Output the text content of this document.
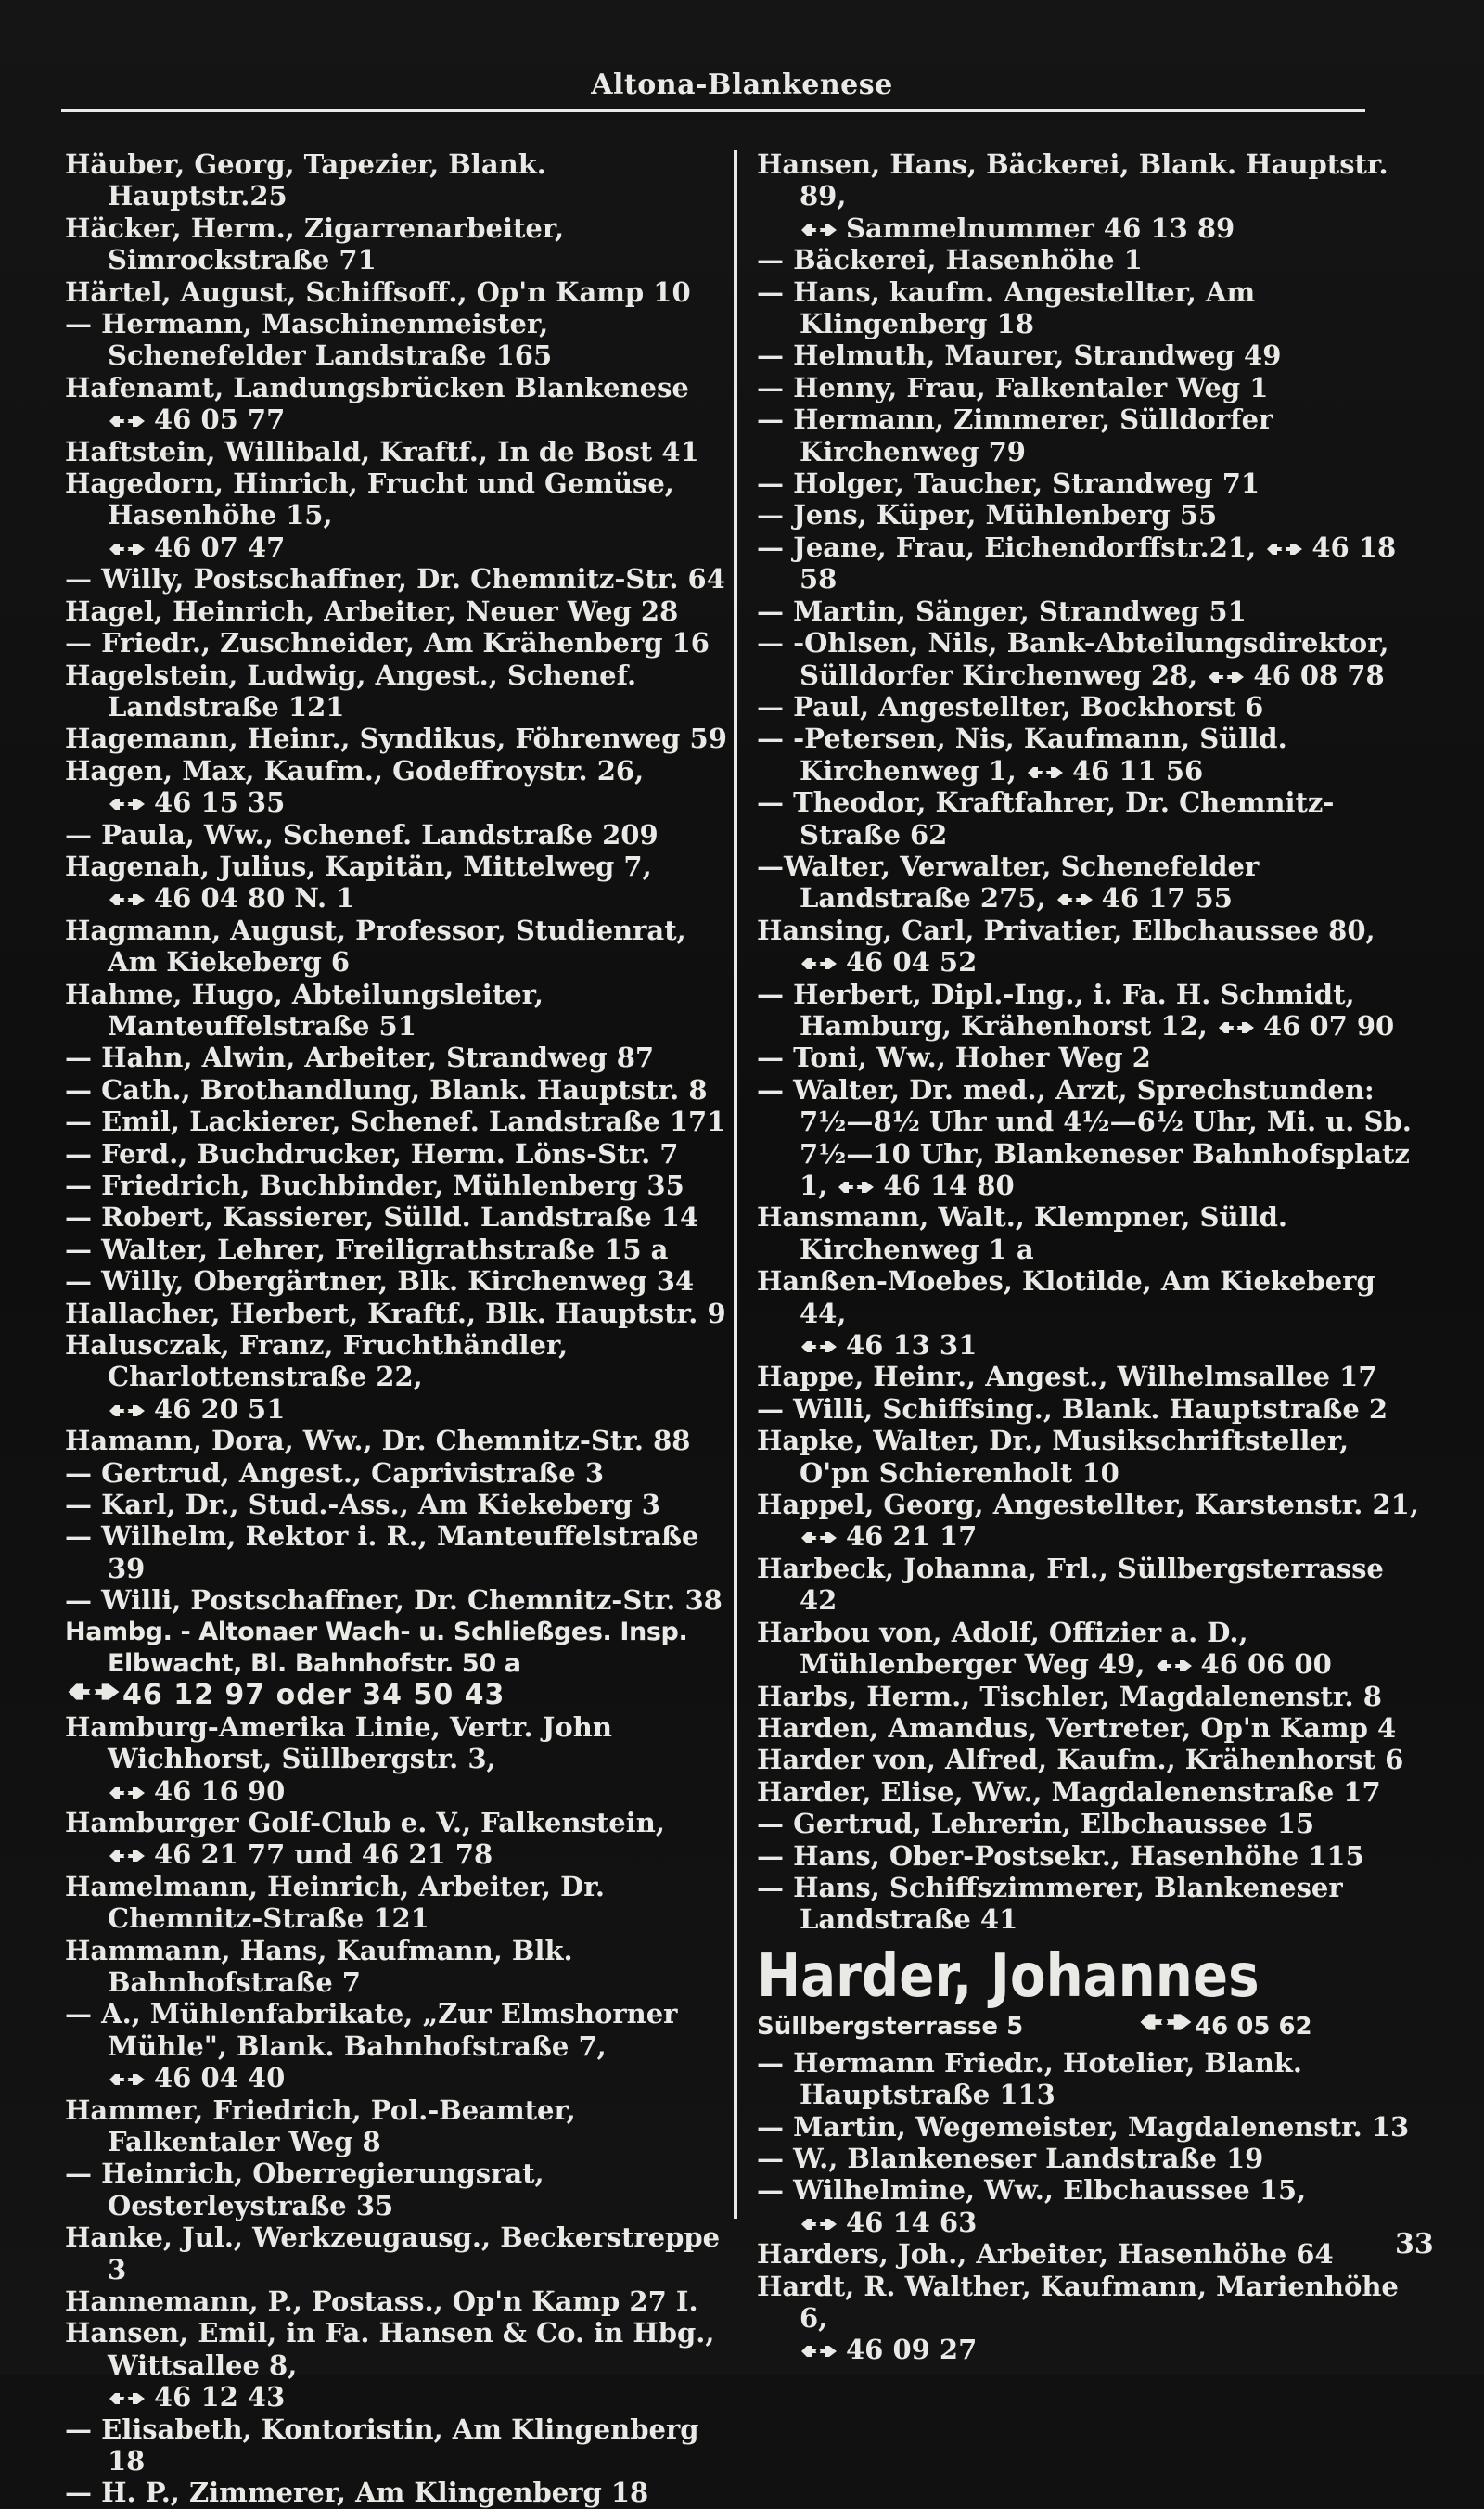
Altona-Blankenese
Häuber, Georg, Tapezier, Blank. Hauptstr.25
Häcker, Herm., Zigarrenarbeiter, Simrockstraße 71
Härtel, August, Schiffsoff., Op'n Kamp 10
— Hermann, Maschinenmeister, Schenefelder Landstraße 165
Hafenamt, Landungsbrücken Blankenese

46 05 77
Haftstein, Willibald, Kraftf., In de Bost 41
Hagedorn, Hinrich, Frucht und Gemüse, Hasenhöhe 15,

46 07 47
— Willy, Postschaffner, Dr. Chemnitz-Str. 64
Hagel, Heinrich, Arbeiter, Neuer Weg 28
— Friedr., Zuschneider, Am Krähenberg 16
Hagelstein, Ludwig, Angest., Schenef. Landstraße 121
Hagemann, Heinr., Syndikus, Föhrenweg 59
Hagen, Max, Kaufm., Godeffroystr. 26,

46 15 35
— Paula, Ww., Schenef. Landstraße 209
Hagenah, Julius, Kapitän, Mittelweg 7,

46 04 80 N. 1
Hagmann, August, Professor, Studienrat, Am Kiekeberg 6
Hahme, Hugo, Abteilungsleiter, Manteuffelstraße 51
— Hahn, Alwin, Arbeiter, Strandweg 87
— Cath., Brothandlung, Blank. Hauptstr. 8
— Emil, Lackierer, Schenef. Landstraße 171
— Ferd., Buchdrucker, Herm. Löns-Str. 7
— Friedrich, Buchbinder, Mühlenberg 35
— Robert, Kassierer, Sülld. Landstraße 14
— Walter, Lehrer, Freiligrathstraße 15 a
— Willy, Obergärtner, Blk. Kirchenweg 34
Hallacher, Herbert, Kraftf., Blk. Hauptstr. 9
Halusczak, Franz, Fruchthändler, Charlottenstraße 22,

46 20 51
Hamann, Dora, Ww., Dr. Chemnitz-Str. 88
— Gertrud, Angest., Caprivistraße 3
— Karl, Dr., Stud.-Ass., Am Kiekeberg 3
— Wilhelm, Rektor i. R., Manteuffelstraße 39
— Willi, Postschaffner, Dr. Chemnitz-Str. 38
Hambg. - Altonaer Wach- u. Schließges. Insp. Elbwacht, Bl. Bahnhofstr. 50 a
46 12 97 oder 34 50 43
Hamburg-Amerika Linie, Vertr. John Wichhorst, Süllbergstr. 3,

46 16 90
Hamburger Golf-Club e. V., Falkenstein,

46 21 77 und 46 21 78
Hamelmann, Heinrich, Arbeiter, Dr. Chemnitz-Straße 121
Hammann, Hans, Kaufmann, Blk. Bahnhofstraße 7
— A., Mühlenfabrikate, „Zur Elmshorner Mühle", Blank. Bahnhofstraße 7,

46 04 40
Hammer, Friedrich, Pol.-Beamter, Falkentaler Weg 8
— Heinrich, Oberregierungsrat, Oesterleystraße 35
Hanke, Jul., Werkzeugausg., Beckerstreppe 3
Hannemann, P., Postass., Op'n Kamp 27 I.
Hansen, Emil, in Fa. Hansen & Co. in Hbg., Wittsallee 8,

46 12 43
— Elisabeth, Kontoristin, Am Klingenberg 18
— H. P., Zimmerer, Am Klingenberg 18
Hansen, Hans, Bäckerei, Blank. Hauptstr. 89,

Sammelnummer 46 13 89
— Bäckerei, Hasenhöhe 1
— Hans, kaufm. Angestellter, Am Klingenberg 18
— Helmuth, Maurer, Strandweg 49
— Henny, Frau, Falkentaler Weg 1
— Hermann, Zimmerer, Sülldorfer Kirchenweg 79
— Holger, Taucher, Strandweg 71
— Jens, Küper, Mühlenberg 55
— Jeane, Frau, Eichendorffstr.21, 46 18 58
— Martin, Sänger, Strandweg 51
— -Ohlsen, Nils, Bank-Abteilungsdirektor, Sülldorfer Kirchenweg 28, 46 08 78
— Paul, Angestellter, Bockhorst 6
— -Petersen, Nis, Kaufmann, Sülld. Kirchenweg 1, 46 11 56
— Theodor, Kraftfahrer, Dr. Chemnitz-Straße 62
—Walter, Verwalter, Schenefelder Landstraße 275, 46 17 55
Hansing, Carl, Privatier, Elbchaussee 80,

46 04 52
— Herbert, Dipl.-Ing., i. Fa. H. Schmidt, Hamburg, Krähenhorst 12, 46 07 90
— Toni, Ww., Hoher Weg 2
— Walter, Dr. med., Arzt, Sprechstunden: 7½—8½ Uhr und 4½—6½ Uhr, Mi. u. Sb. 7½—10 Uhr, Blankeneser Bahnhofsplatz 1, 46 14 80
Hansmann, Walt., Klempner, Sülld. Kirchenweg 1 a
Hanßen-Moebes, Klotilde, Am Kiekeberg 44,

46 13 31
Happe, Heinr., Angest., Wilhelmsallee 17
— Willi, Schiffsing., Blank. Hauptstraße 2
Hapke, Walter, Dr., Musikschriftsteller, O'pn Schierenholt 10
Happel, Georg, Angestellter, Karstenstr. 21,

46 21 17
Harbeck, Johanna, Frl., Süllbergsterrasse 42
Harbou von, Adolf, Offizier a. D., Mühlenberger Weg 49, 46 06 00
Harbs, Herm., Tischler, Magdalenenstr. 8
Harden, Amandus, Vertreter, Op'n Kamp 4
Harder von, Alfred, Kaufm., Krähenhorst 6
Harder, Elise, Ww., Magdalenenstraße 17
— Gertrud, Lehrerin, Elbchaussee 15
— Hans, Ober-Postsekr., Hasenhöhe 115
— Hans, Schiffszimmerer, Blankeneser Landstraße 41
Harder, Johannes
Süllbergsterrasse 5	46 05 62
— Hermann Friedr., Hotelier, Blank. Hauptstraße 113
— Martin, Wegemeister, Magdalenenstr. 13
— W., Blankeneser Landstraße 19
— Wilhelmine, Ww., Elbchaussee 15,

46 14 63
Harders, Joh., Arbeiter, Hasenhöhe 64
Hardt, R. Walther, Kaufmann, Marienhöhe 6,

46 09 27
33
